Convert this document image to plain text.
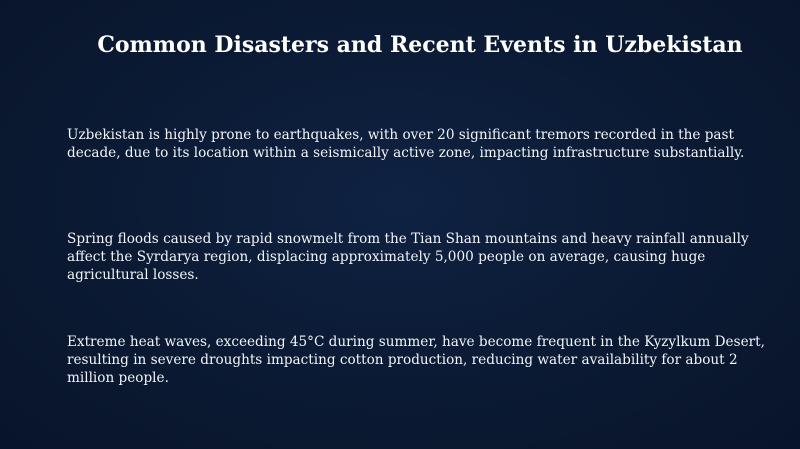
Common Disasters and Recent Events in Uzbekistan

Uzbekistan is highly prone to earthquakes, with over 20 significant tremors recorded in the past decade, due to its location within a seismically active zone, impacting infrastructure substantially.

Spring floods caused by rapid snowmelt from the Tian Shan mountains and heavy rainfall annually affect the Syrdarya region, displacing approximately 5,000 people on average, causing huge agricultural losses.

Extreme heat waves, exceeding 45°C during summer, have become frequent in the Kyzylkum Desert, resulting in severe droughts impacting cotton production, reducing water availability for about 2 million people.
